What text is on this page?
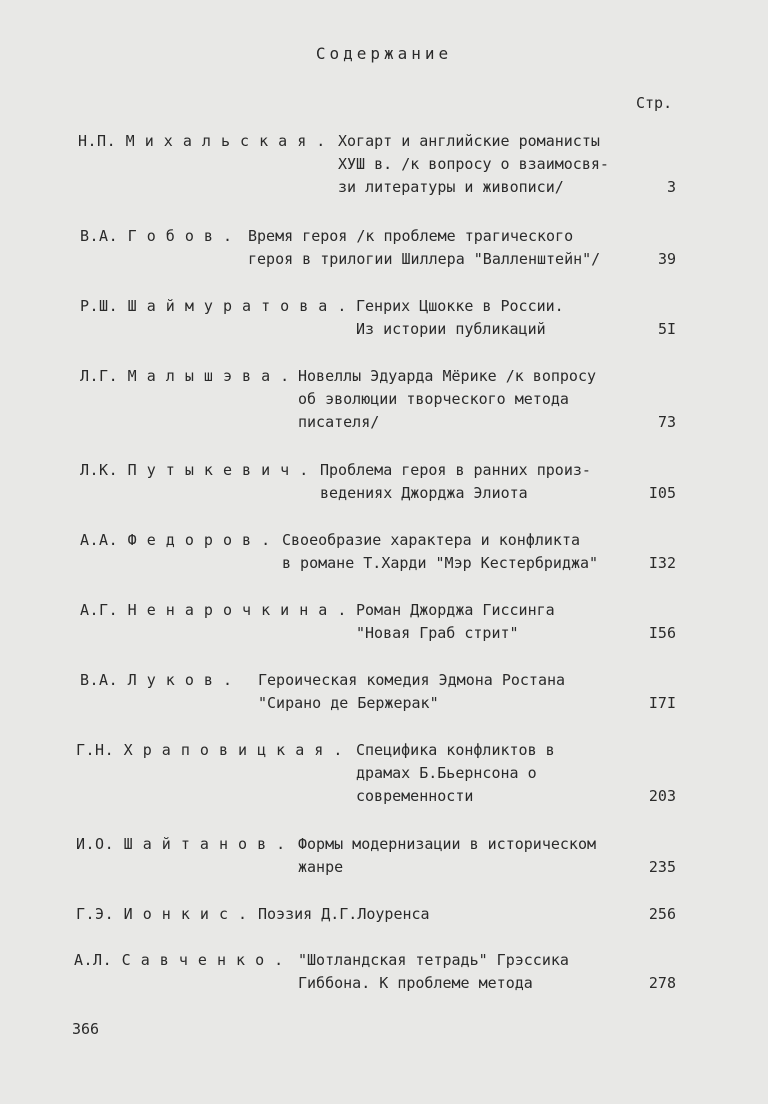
Содержание
Стр.
Н.П. М и х а л ь с к а я . Хогарт и английские романисты
ХУШ в. /к вопросу о взаимосвя-
зи литературы и живописи/	3
В.А. Г о б о в . Время героя /к проблеме трагического
героя в трилогии Шиллера "Валленштейн"/	39
Р.Ш. Ш а й м у р а т о в а . Генрих Цшокке в России.
Из истории публикаций	5I
Л.Г. М а л ы ш э в а . Новеллы Эдуарда Мёрике /к вопросу
об эволюции творческого метода
писателя/	73
Л.К. П у т ы к е в и ч . Проблема героя в ранних произ-
ведениях Джорджа Элиота	I05
А.А. Ф е д о р о в . Своеобразие характера и конфликта
в романе Т.Харди "Мэр Кестербриджа"	I32
А.Г. Н е н а р о ч к и н а . Роман Джорджа Гиссинга
"Новая Граб стрит"	I56
В.А. Л у к о в . Героическая комедия Эдмона Ростана
"Сирано де Бержерак"	I7I
Г.Н. Х р а п о в и ц к а я . Специфика конфликтов в
драмах Б.Бьернсона о
современности	203
И.О. Ш а й т а н о в . Формы модернизации в историческом
жанре	235
Г.Э. И о н к и с . Поэзия Д.Г.Лоуренса	256
А.Л. С а в ч е н к о . "Шотландская тетрадь" Грэссика
Гиббона. К проблеме метода	278
366
